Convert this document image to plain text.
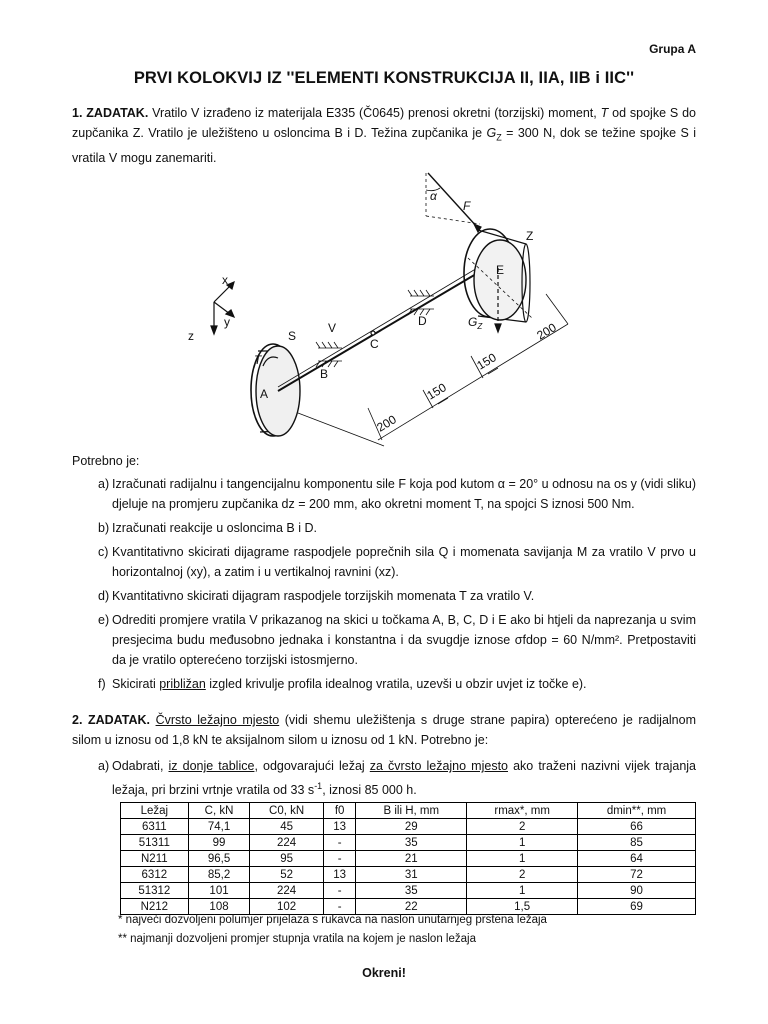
Grupa A
PRVI KOLOKVIJ IZ ''ELEMENTI KONSTRUKCIJA II, IIA, IIB i IIC''
1. ZADATAK. Vratilo V izrađeno iz materijala E335 (Č0645) prenosi okretni (torzijski) moment, T od spojke S do zupčanika Z. Vratilo je uležišteno u osloncima B i D. Težina zupčanika je $G_Z = 300$ N, dok se težine spojke S i vratila V mogu zanemariti.
x
y
z	S
T
A
B
V
C
D
E
Z
F
α
$G_Z$
200
150
150
200
Potrebno je:
a) Izračunati radijalnu i tangencijalnu komponentu sile F koja pod kutom α = 20° u odnosu na os y (vidi sliku) djeluje na promjeru zupčanika dz = 200 mm, ako okretni moment T, na spojci S iznosi 500 Nm.
b) Izračunati reakcije u osloncima B i D.
c) Kvantitativno skicirati dijagrame raspodjele poprečnih sila Q i momenata savijanja M za vratilo V prvo u horizontalnoj (xy), a zatim i u vertikalnoj ravnini (xz).
d) Kvantitativno skicirati dijagram raspodjele torzijskih momenata T za vratilo V.
e) Odrediti promjere vratila V prikazanog na skici u točkama A, B, C, D i E ako bi htjeli da naprezanja u svim presjecima budu međusobno jednaka i konstantna i da svugdje iznose σfdop = 60 N/mm². Pretpostaviti da je vratilo opterećeno torzijski istosmjerno.
f) Skicirati približan izgled krivulje profila idealnog vratila, uzevši u obzir uvjet iz točke e).
2. ZADATAK. Čvrsto ležajno mjesto (vidi shemu uležištenja s druge strane papira) opterećeno je radijalnom silom u iznosu od 1,8 kN te aksijalnom silom u iznosu od 1 kN. Potrebno je:
a) Odabrati, iz donje tablice, odgovarajući ležaj za čvrsto ležajno mjesto ako traženi nazivni vijek trajanja ležaja, pri brzini vrtnje vratila od 33 $s^{-1}$, iznosi 85 000 h.
Ležaj	C, kN	C0, kN	f0	B ili H, mm	rmax*, mm	dmin**, mm
6311	74,1	45	13	29	2	66
51311	99	224	-	35	1	85
N211	96,5	95	-	21	1	64
6312	85,2	52	13	31	2	72
51312	101	224	-	35	1	90
N212	108	102	-	22	1,5	69
* najveći dozvoljeni polumjer prijelaza s rukavca na naslon unutarnjeg prstena ležaja
** najmanji dozvoljeni promjer stupnja vratila na kojem je naslon ležaja
Okreni!
